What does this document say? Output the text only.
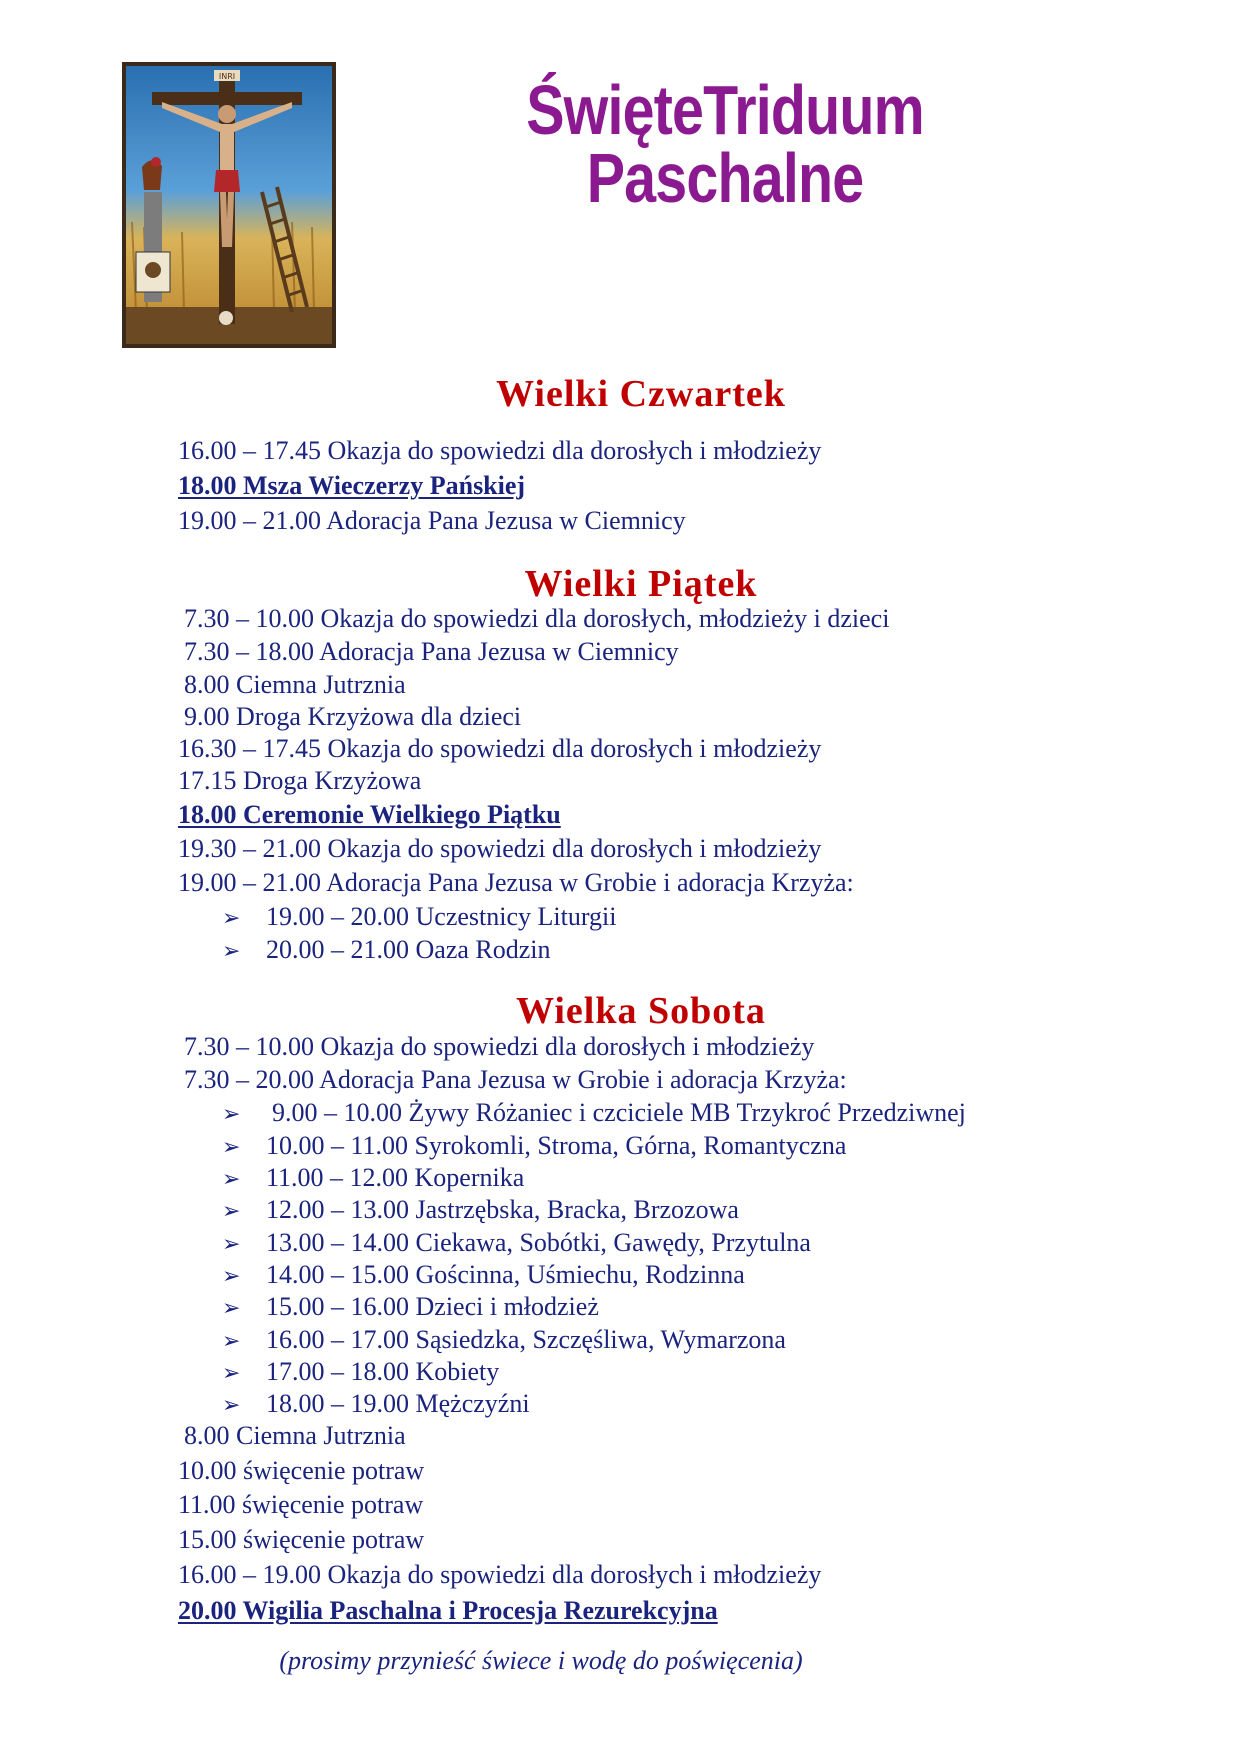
INRI	ŚwięteTriduum
Paschalne
Wielki Czwartek
16.00 – 17.45 Okazja do spowiedzi dla dorosłych i młodzieży
18.00 Msza Wieczerzy Pańskiej
19.00 – 21.00 Adoracja Pana Jezusa w Ciemnicy
Wielki Piątek
7.30 – 10.00 Okazja do spowiedzi dla dorosłych, młodzieży i dzieci
7.30 – 18.00 Adoracja Pana Jezusa w Ciemnicy
8.00 Ciemna Jutrznia
9.00 Droga Krzyżowa dla dzieci
16.30 – 17.45 Okazja do spowiedzi dla dorosłych i młodzieży
17.15 Droga Krzyżowa
18.00 Ceremonie Wielkiego Piątku
19.30 – 21.00 Okazja do spowiedzi dla dorosłych i młodzieży
19.00 – 21.00 Adoracja Pana Jezusa w Grobie i adoracja Krzyża:
➢ 19.00 – 20.00 Uczestnicy Liturgii
➢ 20.00 – 21.00 Oaza Rodzin
Wielka Sobota
7.30 – 10.00 Okazja do spowiedzi dla dorosłych i młodzieży
7.30 – 20.00 Adoracja Pana Jezusa w Grobie i adoracja Krzyża:
➢ 9.00 – 10.00 Żywy Różaniec i czciciele MB Trzykroć Przedziwnej
➢ 10.00 – 11.00 Syrokomli, Stroma, Górna, Romantyczna
➢ 11.00 – 12.00 Kopernika
➢ 12.00 – 13.00 Jastrzębska, Bracka, Brzozowa
➢ 13.00 – 14.00 Ciekawa, Sobótki, Gawędy, Przytulna
➢ 14.00 – 15.00 Gościnna, Uśmiechu, Rodzinna
➢ 15.00 – 16.00 Dzieci i młodzież
➢ 16.00 – 17.00 Sąsiedzka, Szczęśliwa, Wymarzona
➢ 17.00 – 18.00 Kobiety
➢ 18.00 – 19.00 Mężczyźni
8.00 Ciemna Jutrznia
10.00 święcenie potraw
11.00 święcenie potraw
15.00 święcenie potraw
16.00 – 19.00 Okazja do spowiedzi dla dorosłych i młodzieży
20.00 Wigilia Paschalna i Procesja Rezurekcyjna
(prosimy przynieść świece i wodę do poświęcenia)
